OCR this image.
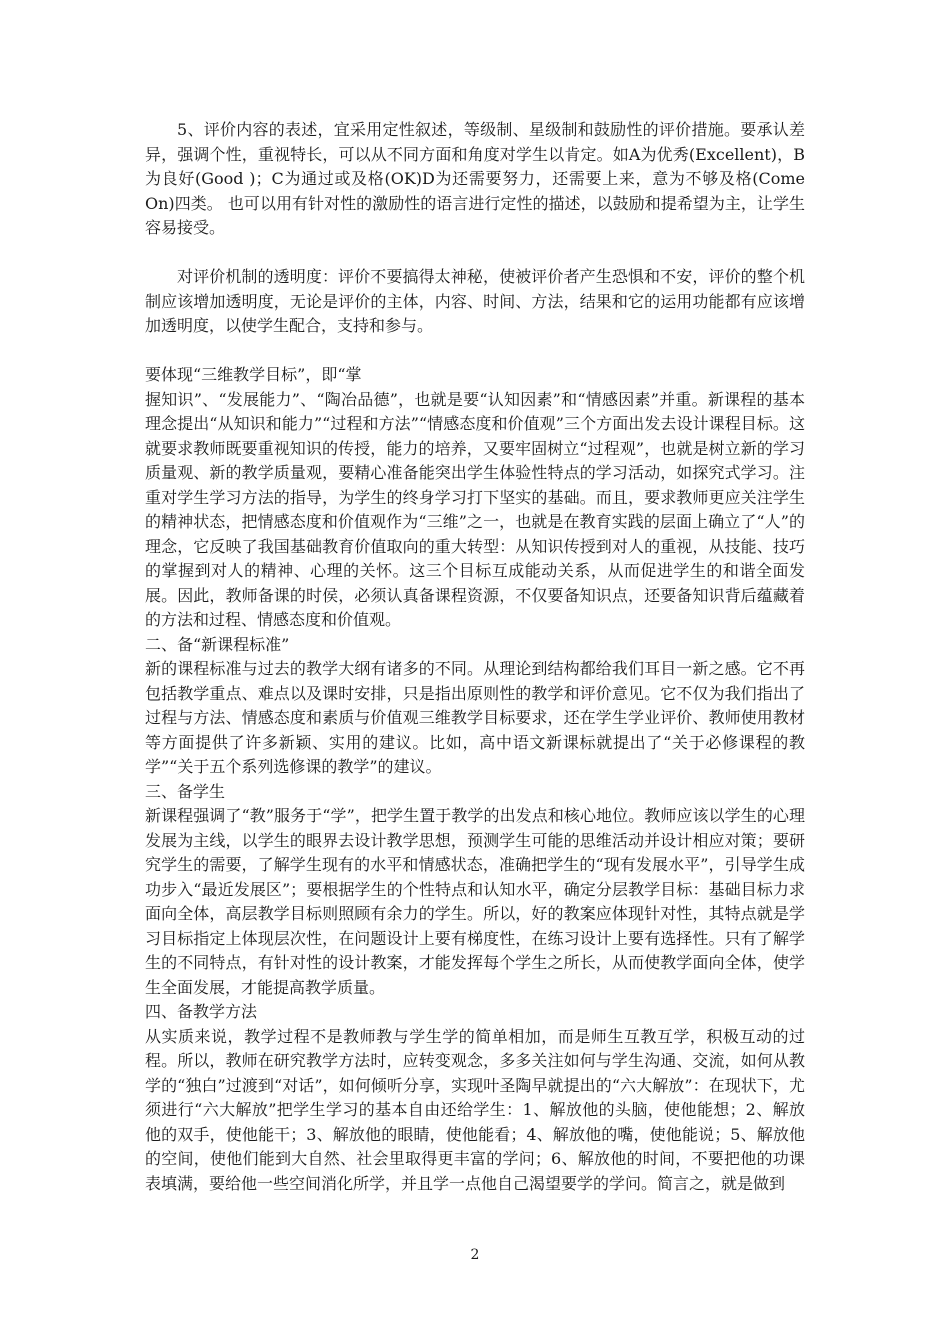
5、评价内容的表述，宜采用定性叙述，等级制、星级制和鼓励性的评价措施。要承认差异，强调个性，重视特长，可以从不同方面和角度对学生以肯定。如A为优秀(Excellent)，B 为良好(Good )；C为通过或及格(OK)D为还需要努力，还需要上来，意为不够及格(Come On)四类。 也可以用有针对性的激励性的语言进行定性的描述，以鼓励和提希望为主，让学生容易接受。

对评价机制的透明度：评价不要搞得太神秘，使被评价者产生恐惧和不安，评价的整个机制应该增加透明度，无论是评价的主体，内容、时间、方法，结果和它的运用功能都有应该增加透明度，以使学生配合，支持和参与。

要体现“三维教学目标”，即“掌

握知识”、“发展能力”、“陶冶品德”，也就是要“认知因素”和“情感因素”并重。新课程的基本理念提出“从知识和能力”“过程和方法”“情感态度和价值观”三个方面出发去设计课程目标。这就要求教师既要重视知识的传授，能力的培养，又要牢固树立“过程观”，也就是树立新的学习质量观、新的教学质量观，要精心准备能突出学生体验性特点的学习活动，如探究式学习。注重对学生学习方法的指导，为学生的终身学习打下坚实的基础。而且，要求教师更应关注学生的精神状态，把情感态度和价值观作为“三维”之一，也就是在教育实践的层面上确立了“人”的理念，它反映了我国基础教育价值取向的重大转型：从知识传授到对人的重视，从技能、技巧的掌握到对人的精神、心理的关怀。这三个目标互成能动关系，从而促进学生的和谐全面发展。因此，教师备课的时侯，必须认真备课程资源，不仅要备知识点，还要备知识背后蕴藏着的方法和过程、情感态度和价值观。

二、备“新课程标准”

新的课程标准与过去的教学大纲有诸多的不同。从理论到结构都给我们耳目一新之感。它不再包括教学重点、难点以及课时安排，只是指出原则性的教学和评价意见。它不仅为我们指出了过程与方法、情感态度和素质与价值观三维教学目标要求，还在学生学业评价、教师使用教材等方面提供了许多新颖、实用的建议。比如，高中语文新课标就提出了“关于必修课程的教学”“关于五个系列选修课的教学”的建议。

三、备学生

新课程强调了“教”服务于“学”，把学生置于教学的出发点和核心地位。教师应该以学生的心理发展为主线，以学生的眼界去设计教学思想，预测学生可能的思维活动并设计相应对策；要研究学生的需要，了解学生现有的水平和情感状态，准确把学生的“现有发展水平”，引导学生成功步入“最近发展区”；要根据学生的个性特点和认知水平，确定分层教学目标：基础目标力求面向全体，高层教学目标则照顾有余力的学生。所以，好的教案应体现针对性，其特点就是学习目标指定上体现层次性，在问题设计上要有梯度性，在练习设计上要有选择性。只有了解学生的不同特点，有针对性的设计教案，才能发挥每个学生之所长，从而使教学面向全体，使学生全面发展，才能提高教学质量。

四、备教学方法

从实质来说，教学过程不是教师教与学生学的简单相加，而是师生互教互学，积极互动的过程。所以，教师在研究教学方法时，应转变观念，多多关注如何与学生沟通、交流，如何从教学的“独白”过渡到“对话”，如何倾听分享，实现叶圣陶早就提出的“六大解放”：在现状下，尤须进行“六大解放”把学生学习的基本自由还给学生：1、解放他的头脑，使他能想；2、解放他的双手，使他能干；3、解放他的眼睛，使他能看；4、解放他的嘴，使他能说；5、解放他的空间，使他们能到大自然、社会里取得更丰富的学问；6、解放他的时间，不要把他的功课表填满，要给他一些空间消化所学，并且学一点他自己渴望要学的学问。简言之，就是做到

2
